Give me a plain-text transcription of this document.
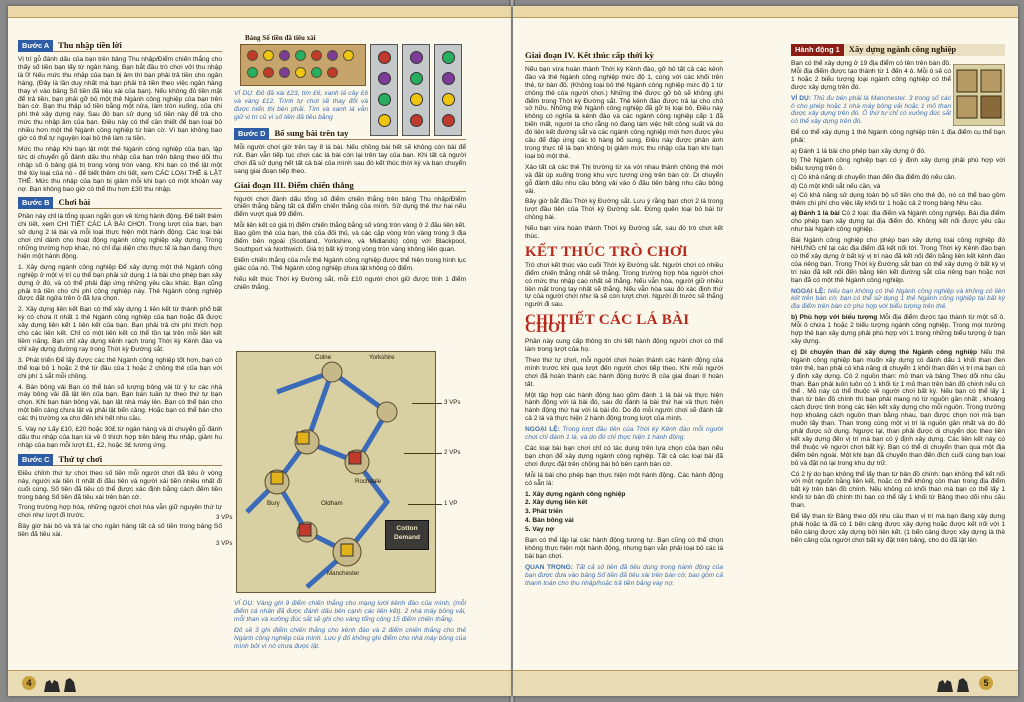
Bước A	Thu nhập tiền lời

Vị trí gỗ đánh dấu của bạn trên bảng Thu nhập/Điểm chiến thắng cho thấy số tiền bạn lấy từ ngân hàng. Bạn bắt đầu trò chơi với thu nhập là 0! Nếu mức thu nhập của bạn bị âm thì bạn phải trả tiền cho ngân hàng. (Đây là lần duy nhất mà bạn phải trả tiền theo việc ngân hàng thay vì vào bảng Số tiền đã tiêu xài của bạn). Nếu không đủ tiền mặt để trả tiền, bạn phải gỡ bỏ một thẻ Ngành công nghiệp của bạn trên bàn cờ. Bạn thu thập số tiền bằng một nửa, làm tròn xuống, của chi phí thẻ xây dựng này. Sau đó bạn sử dụng số tiền này để trả cho mức thu nhập âm của bạn. Điều này có thể cần thiết để bạn loại bỏ nhiều hơn một thẻ Ngành công nghiệp từ bàn cờ. Vì bạn không bao giờ có thể tự nguyện loại bỏ thẻ làm ra tiền.

Mức thu nhập Khi bạn lật một thẻ Ngành công nghiệp của bạn, lập tức di chuyển gỗ đánh dấu thu nhập của bạn trên bảng theo dõi thu nhập số ô bảng giá trị trong vòng tròn vàng. Khi bạn có thể lật một thẻ tùy loại của nó - để biết thêm chi tiết, xem CÁC LOẠI THẺ & LẬT THẺ. Mức thu nhập của bạn bị giảm mỗi khi bạn có một khoản vay nợ. Bạn không bao giờ có thể thu hơn £30 thu nhập.

Bước B	Chơi bài

Phần này chỉ là tổng quan ngắn gọn về từng hành động. Để biết thêm chi tiết, xem CHI TIẾT CÁC LÁ BÀI CHƠI. Trong lượt của bạn, bạn sử dụng 2 lá bài và mỗi loại thực hiện một hành động. Các loại bài chơi chỉ dành cho hoạt động ngành công nghiệp xây dựng. Trong những trường hợp khác, nó chỉ đại diện cho thực tế là bạn đang thực hiện một hành động.

1. Xây dựng ngành công nghiệp Để xây dựng một thẻ Ngành công nghiệp ở một vị trí cụ thể bạn phải sử dụng 1 lá bài cho phép bạn xây dựng ở đó, và có thể phải đáp ứng những yêu cầu khác. Bạn cũng phải trả tiền cho chi phí công nghiệp này. Thẻ Ngành công nghiệp được đặt ngửa trên ô đã lựa chọn.

2. Xây dựng liên kết Bạn có thể xây dựng 1 liên kết từ thành phố bất kỳ có chứa ít nhất 1 thẻ Ngành công nghiệp của bạn hoặc đã được xây dựng liên kết 1 liên kết của bạn. Bạn phải trả chi phí thích hợp cho các liên kết. Chỉ có một liên kết có thể tồn tại trên mỗi liên kết tiềm năng. Bạn chỉ xây dựng kênh rạch trong Thời kỳ Kênh đào và chỉ xây dựng đường ray trong Thời kỳ Đường sắt.

3. Phát triển Để lấy được các thẻ Ngành công nghiệp tốt hơn, bạn có thể loại bỏ 1 hoặc 2 thẻ từ đầu của 1 hoặc 2 chồng thẻ của bạn với chi phí 1 sắt mỗi chồng.

4. Bán bông vải Bạn có thể bán số lượng bông vải từ ý tư các nhà máy bông vải đã lật lên của bạn. Bạn bán tuần tự theo thứ tự bạn chọn. Khi bạn bán bông vải, bạn lật nhà máy lên. Bạn có thể bán cho một bến cảng chưa lật và phải lật bến cảng. Hoặc bạn có thể bán cho các thị trường xa cho đến khi hết nhu cầu.

5. Vay nợ Lấy £10, £20 hoặc 30£ từ ngân hàng và di chuyển gỗ đánh dấu thu nhập của bạn lùi về 0 thích hợp trên bảng thu nhập, giảm hu nhập của bạn mỗi lượt £1, £2, hoặc 3£ tương ứng.

Bước C	Thứ tự chơi

Điều chỉnh thứ tự chơi theo số tiền mỗi người chơi đã tiêu ở vòng này, người xài tiền ít nhất đi đầu tiên và người xài tiền nhiều nhất đi cuối cùng. Số tiền đã tiêu có thể được xác định bằng cách đếm tiền trong bảng Số tiền đã tiêu xài trên bàn cờ.

Trong trường hợp hòa, những người chơi hòa vẫn giữ nguyên thứ tự chơi như lượt đi trước.

Bây giờ bài bỏ và trả lại cho ngân hàng tất cả số tiền trong bảng Số tiền đã tiêu xài.

Bảng Số tiền đã tiêu xài

VÍ DỤ: Đỏ đã xài £23, tím £6, xanh lá cây £6 và vàng £12. Trình tự chơi sẽ thay đổi và được hiển thị bên phải. Tím và xanh lá vẫn giữ vị trí cũ vì số tiền đã tiêu bằng

Bước D	Bổ sung bài trên tay

Mỗi người chơi giờ trên tay 8 lá bài. Nếu chồng bài hết sẽ không còn bài để rút. Bạn vẫn tiếp tục chơi các lá bài còn lại trên tay của bạn. Khi tất cả người chơi đã sử dụng hết tất cả bài của mình sau đó kết thúc thời kỳ và bạn chuyển sang giai đoạn tiếp theo.

Giai đoạn III. Điểm chiến thắng

Người chơi đánh dấu tổng số điểm chiến thắng trên bảng Thu nhập/Điểm chiến thắng bằng tất cả điểm chiến thắng của mình. Sử dụng thẻ thư hai nếu điểm vượt quá 99 điểm.

Mỗi liên kết có giá trị điểm chiến thắng bằng số vòng tròn vàng ở 2 đầu liên kết. Bao gồm thẻ của bạn, thẻ của đối thủ, và các cặp vòng tròn vàng trong 3 địa điểm bên ngoài (Scotland, Yorkshire, và Midlands) cộng với Blackpool, Southport và Northwich. Giá trị bất kỳ trong vòng tròn vàng không liên quan.

Điểm chiến thắng của mỗi thẻ Ngành công nghiệp được thể hiện trong hình lục giác của nó. Thẻ Ngành công nghiệp chưa lật không có điểm.

Nếu kết thúc Thời kỳ Đường sắt, mỗi £10 người chơi giữ được tính 1 điểm chiến thắng.

Colne	Yorkshire
Rochdale
Manchester
Oldham
Bury
Cotton Demand
3 VPs
2 VPs
1 VP
3 VPs
3 VPs

VÍ DỤ: Vàng ghi 9 điểm chiến thắng cho mạng lưới kênh đào của mình, (mỗi điểm cá nhân đã được đánh dấu bên cạnh các liên kết). 2 nhà máy bông vải, mỗi than và xưởng đúc sắt sẽ ghi cho vàng tổng cộng 15 điểm chiến thắng.

Đỏ sẽ 3 ghi điểm chiến thắng cho kênh đào và 2 điểm chiến thắng cho thẻ Ngành công nghiệp của mình. Lưu ý đỏ không ghi điểm cho nhà máy bông của mình bởi vì nó chưa được lật.

4
Giai đoạn IV. Kết thúc cấp thời kỳ

Nếu bạn vừa hoàn thành Thời kỳ Kênh đào, gỡ bỏ tất cả các kênh đào và thẻ Ngành công nghiệp mức độ 1, cùng với các khối trên thẻ, từ bàn đồ. (Không loại bỏ thẻ Ngành công nghiệp mức độ 1 từ chồng thẻ của người chơi.) Những thẻ được gỡ bỏ sẽ không ghi điểm trong Thời kỳ Đường sắt. Thẻ kênh đào được trả lại cho chủ sở hữu. Những thẻ Ngành công nghiệp đã gỡ bị loại bỏ. Điều này không có nghĩa là kênh đào và các ngành công nghiệp cấp 1 đã biến mất, người ta cho rằng nó đang làm việc hết công suất và do đó liên kết đường sắt và các ngành công nghiệp mới hơn được yêu cầu để đáp ứng các lô hàng bổ sung. Điều này được phản ánh trong thực tế là bạn không bị giảm mức thu nhập của bạn khi bạn loại bỏ một thẻ.

Xáo tất cả các thẻ Thị trường từ xa với nhau thành chồng thẻ mới và đặt úp xuống trong khu vực tương ứng trên bàn cờ. Di chuyển gỗ đánh dấu nhu cầu bông vải vào ô đầu tiên bảng nhu cầu bông vải.

Bây giờ bắt đầu Thời kỳ Đường sắt. Lưu ý rằng bạn chơi 2 lá trong lượt đầu tiên của Thời kỳ Đường sắt. Đừng quên loại bỏ bài từ chồng bài.

Nếu bạn vừa hoàn thành Thời kỳ Đường sắt, sau đó trò chơi kết thúc.

KẾT THÚC TRÒ CHƠI

Trò chơi kết thúc vào cuối Thời kỳ Đường sắt. Người chơi có nhiều điểm chiến thắng nhất sẽ thắng. Trong trường hợp hòa người chơi có mức thu nhập cao nhất sẽ thắng. Nếu vẫn hòa, người giữ nhiều tiền mặt trong tay nhất sẽ thắng. Nếu vẫn hòa sau đó xác định thứ tự của người chơi như là sẽ còn lượt chơi. Người đi trước sẽ thắng người đi sau.

CHI TIẾT CÁC LÁ BÀI CHƠI

Phần này cung cấp thông tin chi tiết hành động người chơi có thể làm trong lượt của họ.

Theo thứ tự chơi, mỗi người chơi hoàn thành các hành động của mình trước khi qua lượt đến người chơi tiếp theo. Khi mỗi người chơi đã hoàn thành các hành động bước B của giai đoạn II hoàn tất.

Một tập hợp các hành động bao gồm đánh 1 lá bài và thực hiện hành động với lá bài đó, sau đó đánh lá bài thứ hai và thực hiện hành động thứ hai với lá bài đó. Do đó mỗi người chơi sẽ đánh tất cả 2 lá và thực hiện 2 hành động trong lượt của mình.

NGOẠI LỆ: Trong lượt đầu tiên của Thời kỳ Kênh đào mỗi người chơi chỉ đánh 1 lá, và do đó chỉ thực hiện 1 hành động.

Các loại bài bạn chơi chỉ có tác dụng trên lựa chọn của bạn nếu bạn chọn để xây dựng ngành công nghiệp. Tất cả các loại bài đã chơi được đặt trên chồng bài bỏ bên cạnh bàn cờ.

Mỗi lá bài cho phép bạn thực hiện một hành động. Các hành động có sẵn là:

1. Xây dựng ngành công nghiệp

2. Xây dựng liên kết

3. Phát triển

4. Bán bông vải

5. Vay nợ

Bạn có thể lập lại các hành động tương tự. Bạn cũng có thể chọn không thực hiện một hành động, nhưng bạn vẫn phải loại bỏ các lá bài bạn chơi.

QUAN TRỌNG: Tất cả số tiền đã tiêu dùng trong hành động của bạn được đưa vào bảng Số tiền đã tiêu xài trên bàn cờ, bao gồm cả thanh toán cho thu nhập/hoặc trả tiền bảng vay nợ.

Hành động 1	Xây dựng ngành công nghiệp

Bạn có thể xây dựng ở 19 địa điểm có tên trên bàn đồ. Mỗi địa điểm được tạo thành từ 1 đến 4 ô. Mỗi ô sẽ có 1 hoặc 2 biểu tượng loại ngành công nghiệp có thể được xây dựng trên đó.

VÍ DỤ: Thủ đu bên phải là Manchester. 3 trong số các ô cho phép hoặc 1 nhà máy bông vải hoặc 1 mỏ than được xây dựng trên đó. Ô thứ tư chỉ có xưởng đúc sắt có thể xây dựng trên đó.

Để có thể xây dựng 1 thẻ Ngành công nghiệp trên 1 địa điểm cụ thể bạn phải:

a) Đánh 1 lá bài cho phép bạn xây dựng ở đó.

b) Thẻ Ngành công nghiệp bạn có ý định xây dựng phải phù hợp với biểu tượng trên ô.

c) Có khả năng di chuyển than đến địa điểm đó nếu cần.

d) Có một khối sắt nếu cần, và

e) Có khả năng sử dụng toàn bộ số tiền cho thẻ đó, nó có thể bao gồm thêm chi phí cho việc lấy khối từ 1 hoặc cả 2 trong bảng Nhu cầu.

a) Đánh 1 lá bài Có 2 loại: địa điểm và Ngành công nghiệp. Bài địa điểm cho phép bạn xây dựng tại địa điểm đó. Không kết nối được yêu cầu như bài Ngành công nghiệp.

Bài Ngành công nghiệp cho phép bạn xây dựng loại công nghiệp đó NHƯNG chỉ tại các địa điểm đã kết nối tới. Trong Thời kỳ Kênh đào bạn có thể xây dựng ở bất kỳ vị trí nào đã kết nối đến bằng liên kết kênh đào của riêng bạn. Trong Thời kỳ Đường sắt bạn có thể xây dựng ở bất kỳ vị trí nào đã kết nối đến bằng liên kết đường sắt của riêng bạn hoặc nơi bạn đã có một thẻ Ngành công nghiệp.

NGOẠI LỆ: Nếu bạn không có thẻ Ngành công nghiệp và không có liên kết trên bàn cờ, bạn có thể sử dụng 1 thẻ Ngành công nghiệp tại bất kỳ địa điểm trên bàn cờ phù hợp với biểu tượng trên thẻ.

b) Phù hợp với biểu tượng Mỗi địa điểm được tạo thành từ một số ô. Mỗi ô chứa 1 hoặc 2 biểu tượng ngành công nghiệp. Trong mọi trường hợp thẻ bạn xây dựng phải phù hợp với 1 trong những biểu tượng ở bạn xây dựng.

c) Di chuyển than để xây dựng thẻ Ngành công nghiệp Nếu thẻ Ngành công nghiệp bạn muốn xây dựng có đánh dấu 1 khối than đen trên thẻ, bạn phải có khả năng di chuyển 1 khối than đến vị trí mà bạn có ý định xây dựng. Có 2 nguồn than: mỏ than và bảng Theo dõi nhu cầu than. Bạn phải luôn luôn có 1 khối từ 1 mỏ than trên bản đồ chính nếu có thể . Mỏ này có thể thuộc về người chơi bất kỳ. Nếu bạn có thể lấy 1 than từ bản đồ chính thì bạn phải mang nó từ nguồn gần nhất , khoảng cách được tính trong các liên kết xây dựng cho mỗi nguồn. Trong trường hợp khoảng cách nguồn than bằng nhau, bạn được chọn nơi mà bạn muốn lấy than. Than trong cùng một vị trí là nguồn gần nhất và do đó phải được sử dụng. Ngược lại, than phải được di chuyển dọc theo liên kết xây dựng đến vị trí mà bạn có ý định xây dựng. Các liên kết này có thể thuộc về người chơi bất kỳ. Bạn có thể di chuyển than qua một địa điểm bên ngoài. Một khi bạn đã chuyển than đến đích cuối cùng bạn loại bỏ và đặt nó lại trong khu dự trữ.

Có 2 lý do bạn không thể lấy than từ bản đồ chính: bạn không thể kết nối với một nguồn bằng liên kết, hoặc có thể không còn than trong địa điểm bất kỳ trên bản đồ chính. Nếu không có khối than mà bạn có thể lấy 1 khối từ bản đồ chính thì bạn có thể lấy 1 khối từ Bảng theo dõi nhu cầu than.

Để lấy than từ Bảng theo dõi nhu cầu than vị trí mà bạn đang xây dựng phải hoặc là đã có 1 bến cảng được xây dựng hoặc được kết nối với 1 bến cảng được xây dựng bởi liên kết. (1 bến cảng được xây dựng là thẻ bến cảng của người chơi bất kỳ đặt trên bảng, cho dù đã lật lên

5
